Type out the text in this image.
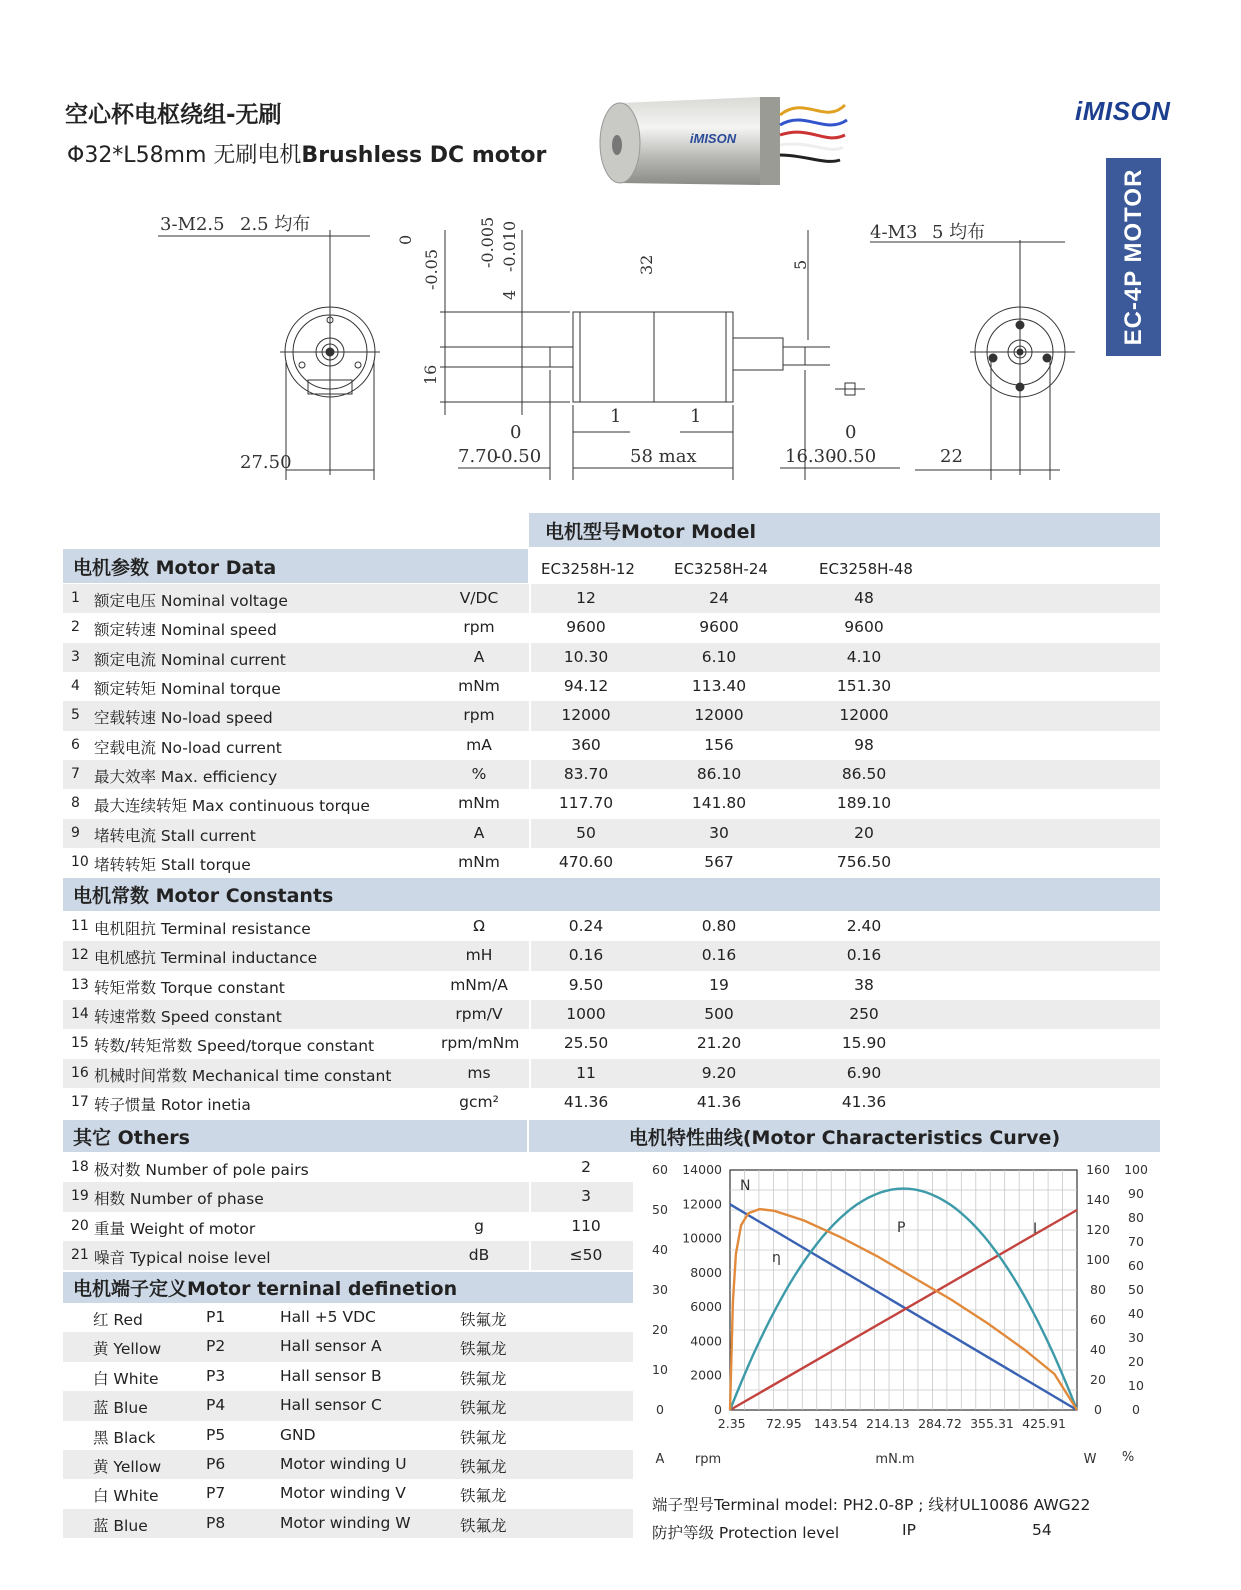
空心杯电枢绕组-无刷
Φ32*L58mm 无刷电机Brushless DC motor
iMISON
EC-4P MOTOR
iMISON
3-M2.5 2.5 均布
27.50
0
-0.05
16
-0.005 -0.010
4
32	5
4-M3 5 均布
22
0
7.70
-0.50	58 max
0
16.30
-0.50
1	1
电机型号Motor Model
电机参数 Motor Data	EC3258H-12	EC3258H-24	EC3258H-48
1 额定电压 Nominal voltage	V/DC	12	24	48
2 额定转速 Nominal speed	rpm	9600	9600	9600
3 额定电流 Nominal current	A	10.30	6.10	4.10
4 额定转矩 Nominal torque	mNm	94.12	113.40	151.30
5 空载转速 No-load speed	rpm	12000	12000	12000
6 空载电流 No-load current	mA	360	156	98
7 最大效率 Max. efficiency	%	83.70	86.10	86.50
8 最大连续转矩 Max continuous torque	mNm	117.70	141.80	189.10
9 堵转电流 Stall current	A	50	30	20
10 堵转转矩 Stall torque	mNm	470.60	567	756.50
电机常数 Motor Constants
11 电机阻抗 Terminal resistance	Ω	0.24	0.80	2.40
12 电机感抗 Terminal inductance	mH	0.16	0.16	0.16
13 转矩常数 Torque constant	mNm/A	9.50	19	38
14 转速常数 Speed constant	rpm/V	1000	500	250
15 转数/转矩常数 Speed/torque constant	rpm/mNm	25.50	21.20	15.90
16 机械时间常数 Mechanical time constant	ms	11	9.20	6.90
17 转子惯量 Rotor inetia	gcm²	41.36	41.36	41.36
其它 Others	电机特性曲线(Motor Characteristics Curve)
18 极对数 Number of pole pairs	2
19 相数 Number of phase	3
20 重量 Weight of motor	g	110
21 噪音 Typical noise level	dB	≤50
电机端子定义Motor terninal definetiоn
红 Red	P1	Hall +5 VDC	铁氟龙
黄 Yellow	P2	Hall sensor A	铁氟龙
白 White	P3	Hall sensor B	铁氟龙
蓝 Blue	P4	Hall sensor C	铁氟龙
黑 Black	P5	GND	铁氟龙
黄 Yellow	P6	Motor winding U	铁氟龙
白 White	P7	Motor winding V	铁氟龙
蓝 Blue	P8	Motor winding W	铁氟龙
2.35 72.95 143.54 214.13 284.72 355.31 425.91
60
50
40
30
20
10
0
14000
12000
10000
8000
6000
4000
2000
0
160
140
120
100
80
60
40
20
0
100
90
80
70
60
50
40
30
20
10
0
A rpm	mN.m	W %
N
I
P
η
端子型号Terminal model: PH2.0-8P ; 线材UL10086 AWG22
防护等级 Protection level	IP	54
